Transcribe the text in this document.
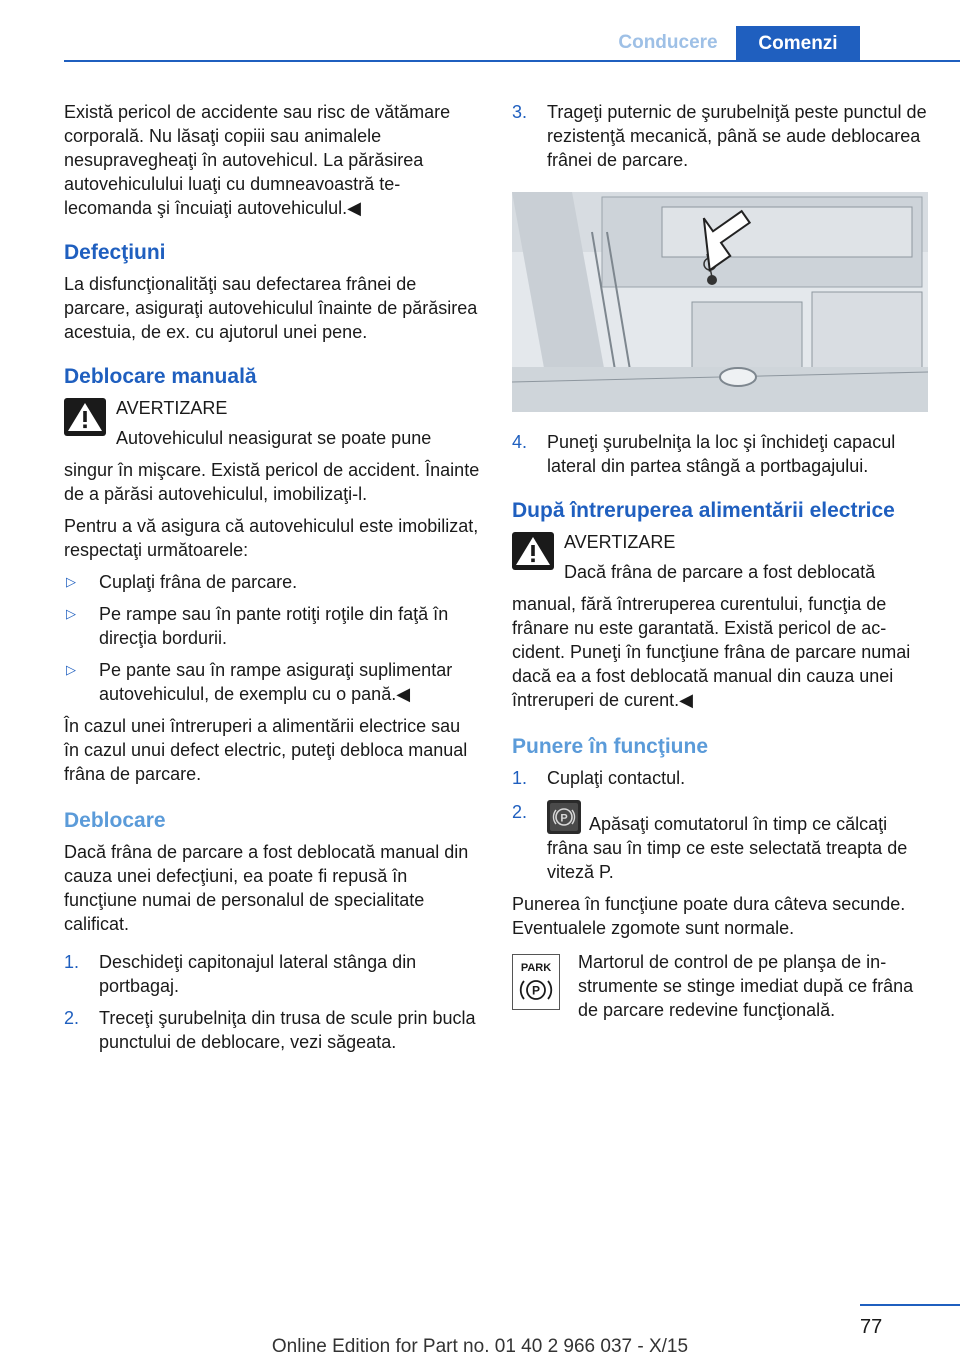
Conducere	Comenzi

Există pericol de accidente sau risc de vătămare corporală. Nu lăsaţi copiii sau animalele nesupravegheaţi în autovehicul. La părăsirea autovehiculului luaţi cu dumneavoastră telecomanda şi încuiaţi autovehiculul.◀

Defecţiuni

La disfuncţionalităţi sau defectarea frânei de parcare, asiguraţi autovehiculul înainte de părăsirea acestuia, de ex. cu ajutorul unei pene.

Deblocare manuală

AVERTIZARE

Autovehiculul neasigurat se poate pune

singur în mişcare. Există pericol de accident. Înainte de a părăsi autovehiculul, imobilizaţi-l.

Pentru a vă asigura că autovehiculul este imobilizat, respectaţi următoarele:

▷ Cuplaţi frâna de parcare.
▷ Pe rampe sau în pante rotiţi roţile din faţă în direcţia bordurii.
▷ Pe pante sau în rampe asiguraţi suplimentar autovehiculul, de exemplu cu o pană.◀

În cazul unei întreruperi a alimentării electrice sau în cazul unui defect electric, puteţi debloca manual frâna de parcare.

Deblocare

Dacă frâna de parcare a fost deblocată manual din cauza unei defecţiuni, ea poate fi repusă în funcţiune numai de personalul de specialitate calificat.

1. Deschideţi capitonajul lateral stânga din portbagaj.
2. Treceţi şurubelniţa din trusa de scule prin bucla punctului de deblocare, vezi săgeata.
3. Trageţi puternic de şurubelniţă peste punctul de rezistenţă mecanică, până se aude deblocarea frânei de parcare.
4. Puneţi şurubelniţa la loc şi închideţi capacul lateral din partea stângă a portbagajului.
După întreruperea alimentării electrice

AVERTIZARE

Dacă frâna de parcare a fost deblocată

manual, fără întreruperea curentului, funcţia de frânare nu este garantată. Există pericol de accident. Puneţi în funcţiune frâna de parcare numai dacă ea a fost deblocată manual din cauza unei întreruperi de curent.◀

Punere în funcţiune
1. Cuplaţi contactul.
2.	P Apăsaţi comutatorul în timp ce călcaţi frâna sau în timp ce este selectată treapta de viteză P.

Punerea în funcţiune poate dura câteva secunde. Eventualele zgomote sunt normale.

PARK
P

Martorul de control de pe planşa de instrumente se stinge imediat după ce frâna de parcare redevine funcţională.

77
Online Edition for Part no. 01 40 2 966 037 - X/15
